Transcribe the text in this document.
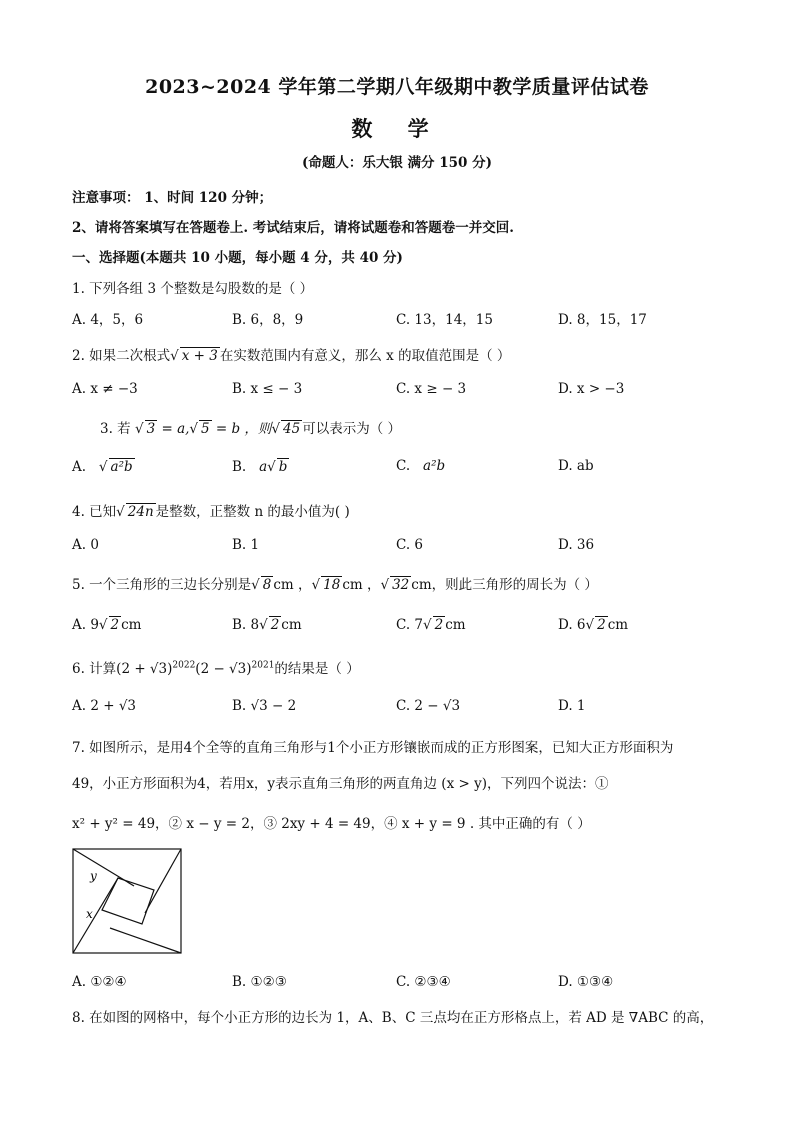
2023~2024 学年第二学期八年级期中教学质量评估试卷
数 学
(命题人：乐大银 满分 150 分)
注意事项： 1、时间 120 分钟；
2、请将答案填写在答题卷上. 考试结束后，请将试题卷和答题卷一并交回.
一、选择题(本题共 10 小题，每小题 4 分，共 40 分)
1. 下列各组 3 个整数是勾股数的是（ ）
A. 4，5，6	B. 6，8，9	C. 13，14，15	D. 8，15，17
2. 如果二次根式√ x + 3 在实数范围内有意义，那么 x 的取值范围是（ ）
A. x ≠ −3	B. x ≤ − 3	C. x ≥ − 3	D. x > −3
3. 若 √ 3 = a,√ 5 = b ，则√ 45 可以表示为（ ）
A. √ a²b	B. a√ b	C. a²b	D. ab
4. 已知√ 24n 是整数，正整数 n 的最小值为( )
A. 0	B. 1	C. 6	D. 36
5. 一个三角形的三边长分别是√ 8 cm ，√ 18 cm ，√ 32 cm，则此三角形的周长为（ ）
A. 9√ 2 cm	B. 8√ 2 cm	C. 7√ 2 cm	D. 6√ 2 cm
6. 计算$(2 + √3)^{2022}(2 - √3)^{2021}$的结果是（ ）
A. 2 + √3	B. √3 − 2	C. 2 − √3	D. 1
7. 如图所示，是用4个全等的直角三角形与1个小正方形镶嵌而成的正方形图案，已知大正方形面积为
49，小正方形面积为4，若用x，y表示直角三角形的两直角边 (x > y)，下列四个说法：①
x² + y² = 49，② x − y = 2，③ 2xy + 4 = 49，④ x + y = 9 . 其中正确的有（ ）
y
x
A. ①②④	B. ①②③	C. ②③④	D. ①③④
8. 在如图的网格中，每个小正方形的边长为 1，A、B、C 三点均在正方形格点上，若 AD 是 ∇ABC 的高，
